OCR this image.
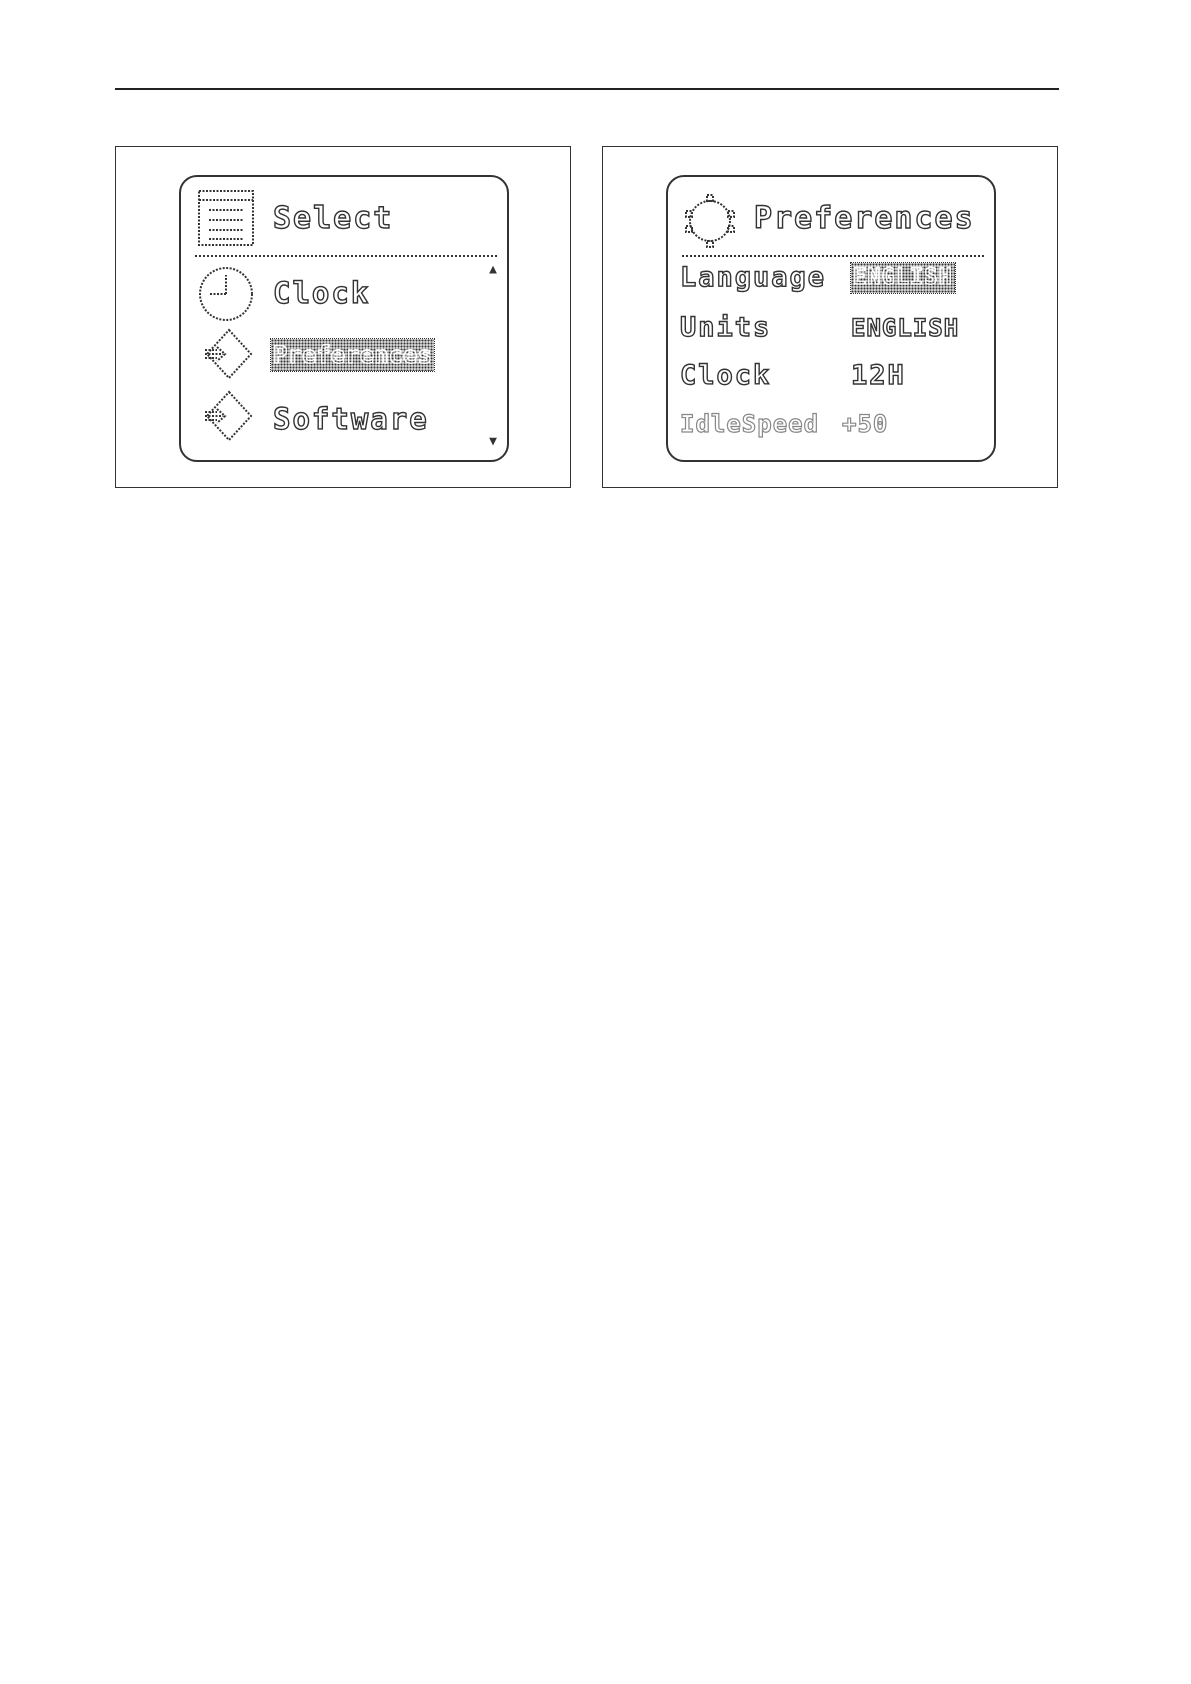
Select
▲
Clock
Preferences
Software
▼
Preferences
Language ENGLISH
Units	ENGLISH
Clock	12H
IdleSpeed +50
